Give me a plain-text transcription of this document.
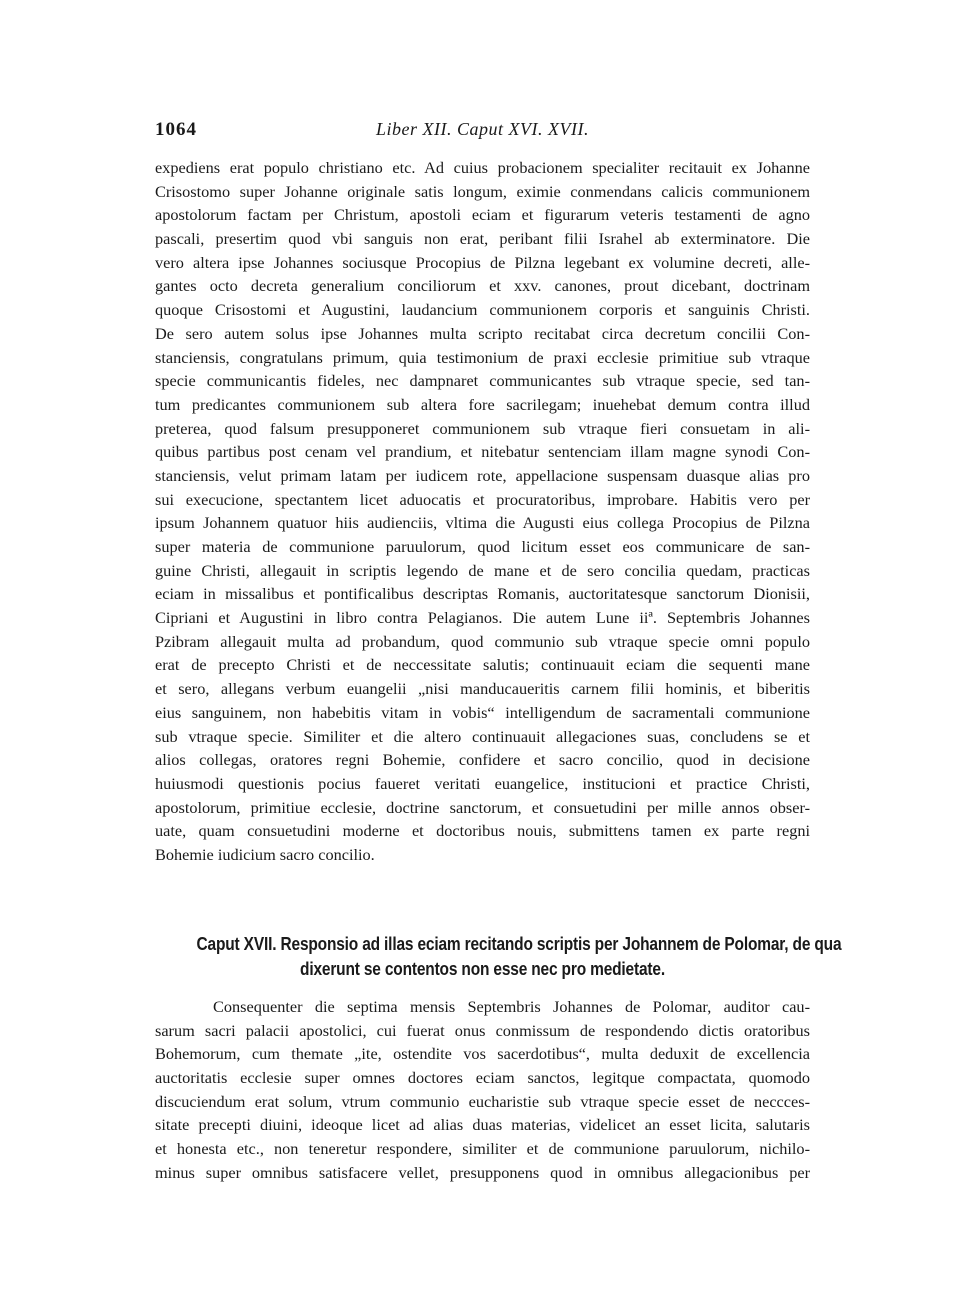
1064	Liber XII. Caput XVI. XVII.
expediens erat populo christiano etc. Ad cuius probacionem specialiter recitauit ex Johanne
Crisostomo super Johanne originale satis longum, eximie conmendans calicis communionem
apostolorum factam per Christum, apostoli eciam et figurarum veteris testamenti de agno
pascali, presertim quod vbi sanguis non erat, peribant filii Israhel ab exterminatore. Die
vero altera ipse Johannes sociusque Procopius de Pilzna legebant ex volumine decreti, alle-
gantes octo decreta generalium conciliorum et xxv. canones, prout dicebant, doctrinam
quoque Crisostomi et Augustini, laudancium communionem corporis et sanguinis Christi.
De sero autem solus ipse Johannes multa scripto recitabat circa decretum concilii Con-
stanciensis, congratulans primum, quia testimonium de praxi ecclesie primitiue sub vtraque
specie communicantis fideles, nec dampnaret communicantes sub vtraque specie, sed tan-
tum predicantes communionem sub altera fore sacrilegam; inuehebat demum contra illud
preterea, quod falsum presupponeret communionem sub vtraque fieri consuetam in ali-
quibus partibus post cenam vel prandium, et nitebatur sentenciam illam magne synodi Con-
stanciensis, velut primam latam per iudicem rote, appellacione suspensam duasque alias pro
sui execucione, spectantem licet aduocatis et procuratoribus, improbare. Habitis vero per
ipsum Johannem quatuor hiis audienciis, vltima die Augusti eius collega Procopius de Pilzna
super materia de communione paruulorum, quod licitum esset eos communicare de san-
guine Christi, allegauit in scriptis legendo de mane et de sero concilia quedam, practicas
eciam in missalibus et pontificalibus descriptas Romanis, auctoritatesque sanctorum Dionisii,
Cipriani et Augustini in libro contra Pelagianos. Die autem Lune iiª. Septembris Johannes
Pzibram allegauit multa ad probandum, quod communio sub vtraque specie omni populo
erat de precepto Christi et de neccessitate salutis; continuauit eciam die sequenti mane
et sero, allegans verbum euangelii „nisi manducaueritis carnem filii hominis, et biberitis
eius sanguinem, non habebitis vitam in vobis“ intelligendum de sacramentali communione
sub vtraque specie. Similiter et die altero continuauit allegaciones suas, concludens se et
alios collegas, oratores regni Bohemie, confidere et sacro concilio, quod in decisione
huiusmodi questionis pocius faueret veritati euangelice, institucioni et practice Christi,
apostolorum, primitiue ecclesie, doctrine sanctorum, et consuetudini per mille annos obser-
uate, quam consuetudini moderne et doctoribus nouis, submittens tamen ex parte regni
Bohemie iudicium sacro concilio.
Caput XVII. Responsio ad illas eciam recitando scriptis per Johannem de Polomar, de qua
dixerunt se contentos non esse nec pro medietate.
Consequenter die septima mensis Septembris Johannes de Polomar, auditor cau-
sarum sacri palacii apostolici, cui fuerat onus conmissum de respondendo dictis oratoribus
Bohemorum, cum themate „ite, ostendite vos sacerdotibus“, multa deduxit de excellencia
auctoritatis ecclesie super omnes doctores eciam sanctos, legitque compactata, quomodo
discuciendum erat solum, vtrum communio eucharistie sub vtraque specie esset de neccces-
sitate precepti diuini, ideoque licet ad alias duas materias, videlicet an esset licita, salutaris
et honesta etc., non teneretur respondere, similiter et de communione paruulorum, nichilo-
minus super omnibus satisfacere vellet, presupponens quod in omnibus allegacionibus per
